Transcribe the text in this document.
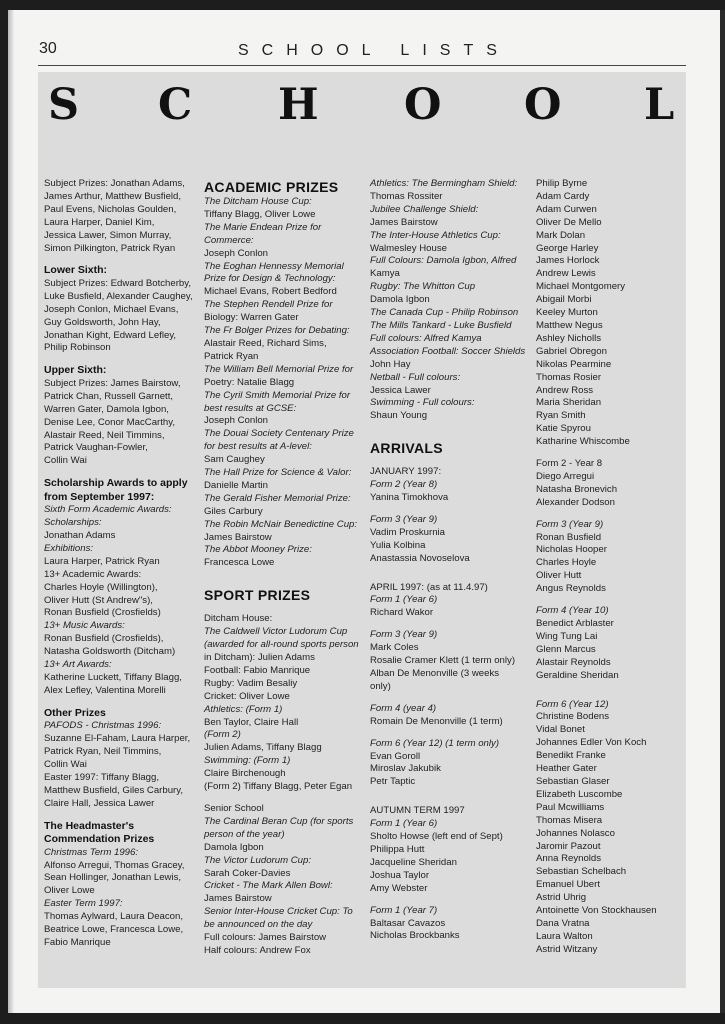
30	SCHOOL LISTS
S C H O O L

Subject Prizes: Jonathan Adams,

James Arthur, Matthew Busfield,

Paul Evens, Nicholas Goulden,

Laura Harper, Daniel Kim,

Jessica Lawer, Simon Murray,

Simon Pilkington, Patrick Ryan

Lower Sixth:

Subject Prizes: Edward Botcherby,

Luke Busfield, Alexander Caughey,

Joseph Conlon, Michael Evans,

Guy Goldsworth, John Hay,

Jonathan Kight, Edward Lefley,

Philip Robinson

Upper Sixth:

Subject Prizes: James Bairstow,

Patrick Chan, Russell Garnett,

Warren Gater, Damola Igbon,

Denise Lee, Conor MacCarthy,

Alastair Reed, Neil Timmins,

Patrick Vaughan-Fowler,

Collin Wai

Scholarship Awards to apply

from September 1997:

Sixth Form Academic Awards:

Scholarships:

Jonathan Adams

Exhibitions:

Laura Harper, Patrick Ryan

13+ Academic Awards:

Charles Hoyle (Willington),

Oliver Hutt (St Andrew"s),

Ronan Busfield (Crosfields)

13+ Music Awards:

Ronan Busfield (Crosfields),

Natasha Goldsworth (Ditcham)

13+ Art Awards:

Katherine Luckett, Tiffany Blagg,

Alex Lefley, Valentina Morelli

Other Prizes

PAFODS - Christmas 1996:

Suzanne El-Faham, Laura Harper,

Patrick Ryan, Neil Timmins,

Collin Wai

Easter 1997: Tiffany Blagg,

Matthew Busfield, Giles Carbury,

Claire Hall, Jessica Lawer

The Headmaster's

Commendation Prizes

Christmas Term 1996:

Alfonso Arregui, Thomas Gracey,

Sean Hollinger, Jonathan Lewis,

Oliver Lowe

Easter Term 1997:

Thomas Aylward, Laura Deacon,

Beatrice Lowe, Francesca Lowe,

Fabio Manrique

ACADEMIC PRIZES

The Ditcham House Cup:

Tiffany Blagg, Oliver Lowe

The Marie Endean Prize for

Commerce:

Joseph Conlon

The Eoghan Hennessy Memorial

Prize for Design & Technology:

Michael Evans, Robert Bedford

The Stephen Rendell Prize for

Biology: Warren Gater

The Fr Bolger Prizes for Debating:

Alastair Reed, Richard Sims,

Patrick Ryan

The William Bell Memorial Prize for

Poetry: Natalie Blagg

The Cyril Smith Memorial Prize for

best results at GCSE:

Joseph Conlon

The Douai Society Centenary Prize

for best results at A-level:

Sam Caughey

The Hall Prize for Science & Valor:

Danielle Martin

The Gerald Fisher Memorial Prize:

Giles Carbury

The Robin McNair Benedictine Cup:

James Bairstow

The Abbot Mooney Prize:

Francesca Lowe

SPORT PRIZES

Ditcham House:

The Caldwell Victor Ludorum Cup

(awarded for all-round sports person

in Ditcham): Julien Adams

Football: Fabio Manrique

Rugby: Vadim Besaliy

Cricket: Oliver Lowe

Athletics: (Form 1)

Ben Taylor, Claire Hall

(Form 2)

Julien Adams, Tiffany Blagg

Swimming: (Form 1)

Claire Birchenough

(Form 2) Tiffany Blagg, Peter Egan

Senior School

The Cardinal Beran Cup (for sports

person of the year)

Damola Igbon

The Victor Ludorum Cup:

Sarah Coker-Davies

Cricket - The Mark Allen Bowl:

James Bairstow

Senior Inter-House Cricket Cup: To

be announced on the day

Full colours: James Bairstow

Half colours: Andrew Fox

Athletics: The Bermingham Shield:

Thomas Rossiter

Jubilee Challenge Shield:

James Bairstow

The Inter-House Athletics Cup:

Walmesley House

Full Colours: Damola Igbon, Alfred

Kamya

Rugby: The Whitton Cup

Damola Igbon

The Canada Cup - Philip Robinson

The Mills Tankard - Luke Busfield

Full colours: Alfred Kamya

Association Football: Soccer Shields

John Hay

Netball - Full colours:

Jessica Lawer

Swimming - Full colours:

Shaun Young

ARRIVALS

JANUARY 1997:

Form 2 (Year 8)

Yanina Timokhova

Form 3 (Year 9)

Vadim Proskurnia

Yulia Kolbina

Anastassia Novoselova

APRIL 1997: (as at 11.4.97)

Form 1 (Year 6)

Richard Wakor

Form 3 (Year 9)

Mark Coles

Rosalie Cramer Klett (1 term only)

Alban De Menonville (3 weeks

only)

Form 4 (year 4)

Romain De Menonville (1 term)

Form 6 (Year 12) (1 term only)

Evan Goroll

Miroslav Jakubik

Petr Taptic

AUTUMN TERM 1997

Form 1 (Year 6)

Sholto Howse (left end of Sept)

Philippa Hutt

Jacqueline Sheridan

Joshua Taylor

Amy Webster

Form 1 (Year 7)

Baltasar Cavazos

Nicholas Brockbanks

Philip Byrne

Adam Cardy

Adam Curwen

Oliver De Mello

Mark Dolan

George Harley

James Horlock

Andrew Lewis

Michael Montgomery

Abigail Morbi

Keeley Murton

Matthew Negus

Ashley Nicholls

Gabriel Obregon

Nikolas Pearmine

Thomas Rosier

Andrew Ross

Maria Sheridan

Ryan Smith

Katie Spyrou

Katharine Whiscombe

Form 2 - Year 8

Diego Arregui

Natasha Bronevich

Alexander Dodson

Form 3 (Year 9)

Ronan Busfield

Nicholas Hooper

Charles Hoyle

Oliver Hutt

Angus Reynolds

Form 4 (Year 10)

Benedict Arblaster

Wing Tung Lai

Glenn Marcus

Alastair Reynolds

Geraldine Sheridan

Form 6 (Year 12)

Christine Bodens

Vidal Bonet

Johannes Edler Von Koch

Benedikt Franke

Heather Gater

Sebastian Glaser

Elizabeth Luscombe

Paul Mcwilliams

Thomas Misera

Johannes Nolasco

Jaromir Pazout

Anna Reynolds

Sebastian Schelbach

Emanuel Ubert

Astrid Uhrig

Antoinette Von Stockhausen

Dana Vratna

Laura Walton

Astrid Witzany
